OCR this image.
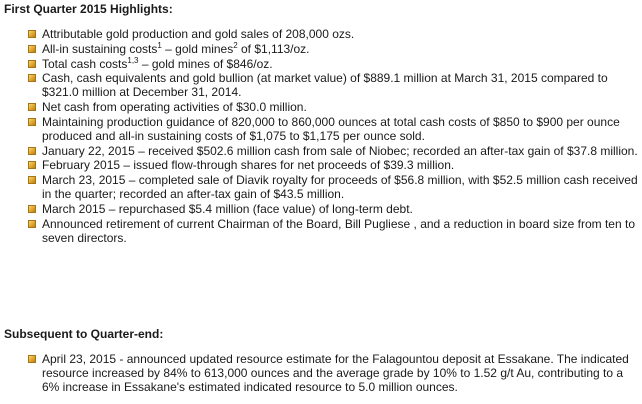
First Quarter 2015 Highlights:
Attributable gold production and gold sales of 208,000 ozs.
All-in sustaining costs$^1$ – gold mines$^2$ of $1,113/oz.
Total cash costs$^{1,3}$ – gold mines of $846/oz.
Cash, cash equivalents and gold bullion (at market value) of $889.1 million at March 31, 2015 compared to $321.0 million at December 31, 2014.
Net cash from operating activities of $30.0 million.
Maintaining production guidance of 820,000 to 860,000 ounces at total cash costs of $850 to $900 per ounce produced and all-in sustaining costs of $1,075 to $1,175 per ounce sold.
January 22, 2015 – received $502.6 million cash from sale of Niobec; recorded an after-tax gain of $37.8 million.
February 2015 – issued flow-through shares for net proceeds of $39.3 million.
March 23, 2015 – completed sale of Diavik royalty for proceeds of $56.8 million, with $52.5 million cash received in the quarter; recorded an after-tax gain of $43.5 million.
March 2015 – repurchased $5.4 million (face value) of long-term debt.
Announced retirement of current Chairman of the Board, Bill Pugliese , and a reduction in board size from ten to seven directors.
Subsequent to Quarter-end:
April 23, 2015 - announced updated resource estimate for the Falagountou deposit at Essakane. The indicated resource increased by 84% to 613,000 ounces and the average grade by 10% to 1.52 g/t Au, contributing to a 6% increase in Essakane's estimated indicated resource to 5.0 million ounces.
